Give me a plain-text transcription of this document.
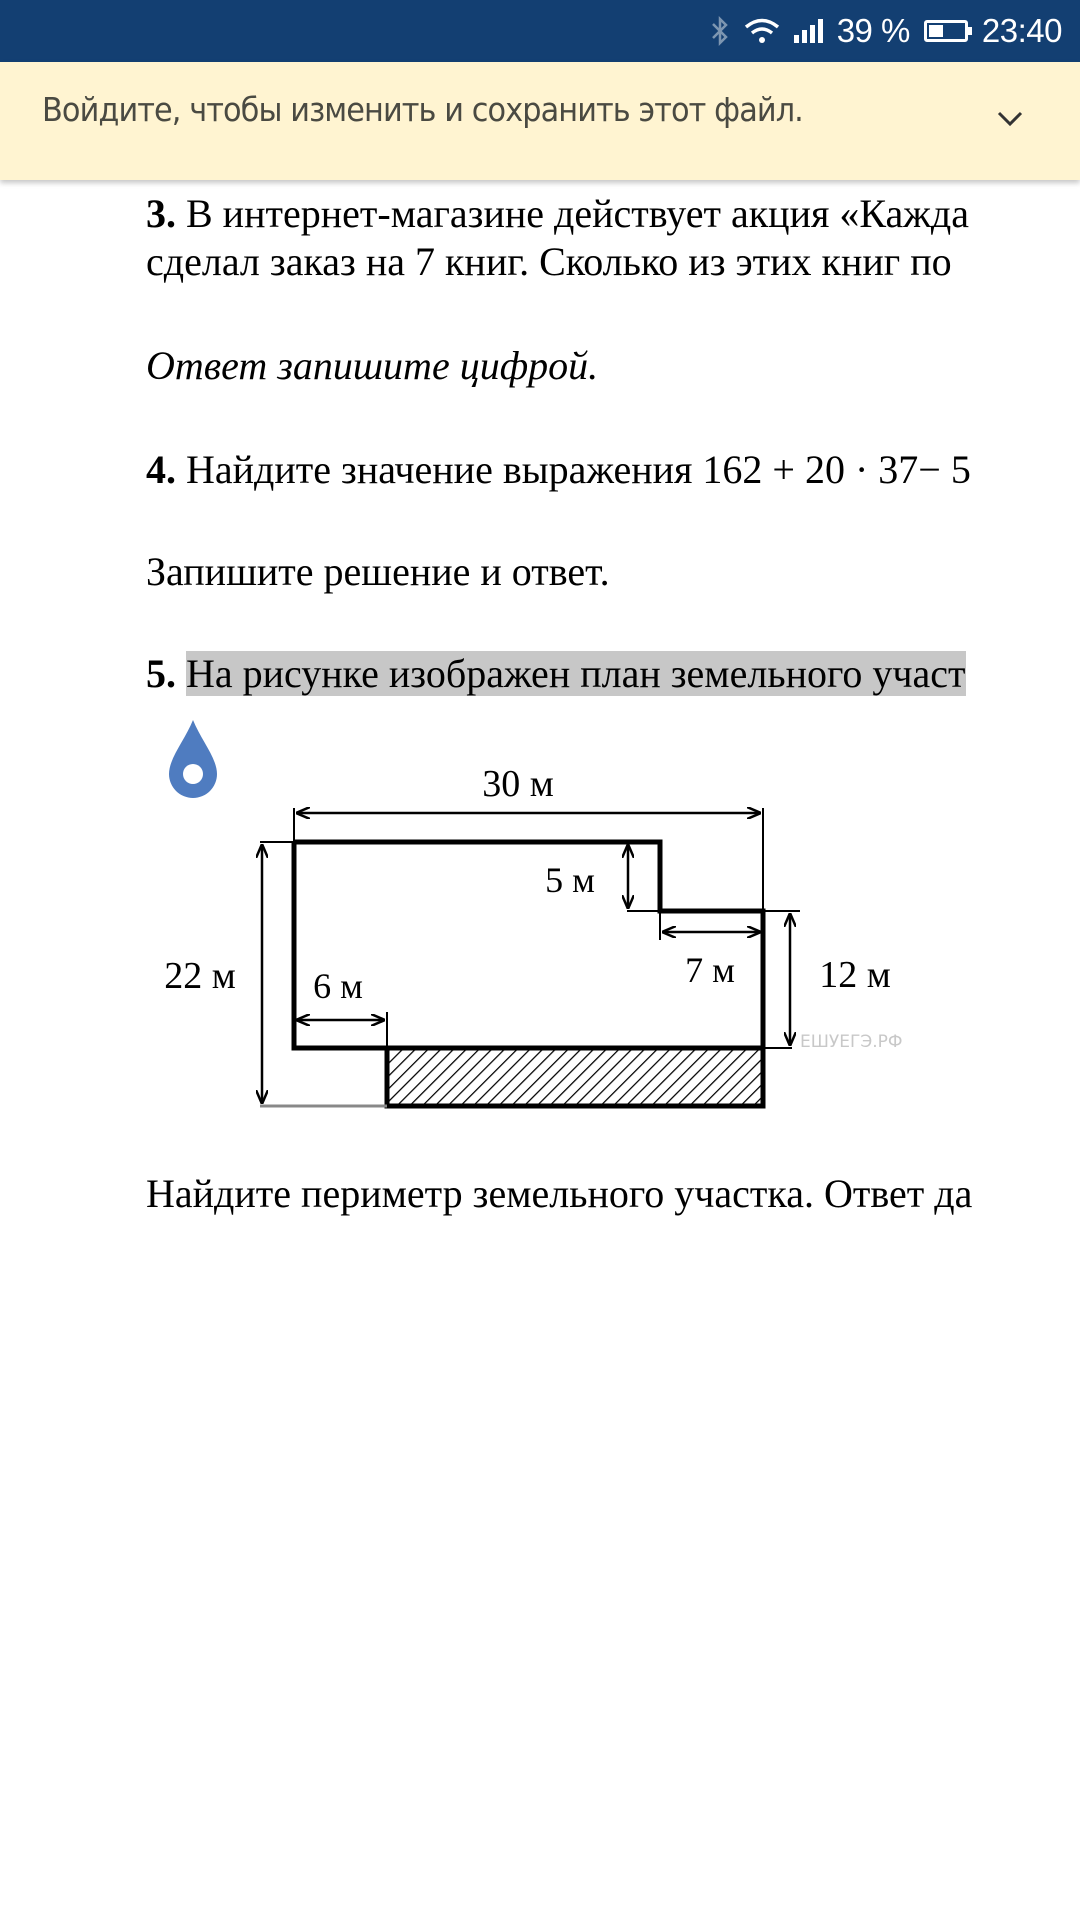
39 % 23:40
Войдите, чтобы изменить и сохранить этот файл.
3. В интернет-магазине действует акция «Кажда
сделал заказ на 7 книг. Сколько из этих книг по
Ответ запишите цифрой.
4. Найдите значение выражения 162 + 20 · 37− 5
Запишите решение и ответ.
5. На рисунке изображен план земельного участ
Найдите периметр земельного участка. Ответ да
30 м
5 м
7 м 12 м
22 м 6 м
ЕШУЕГЭ.РФ
